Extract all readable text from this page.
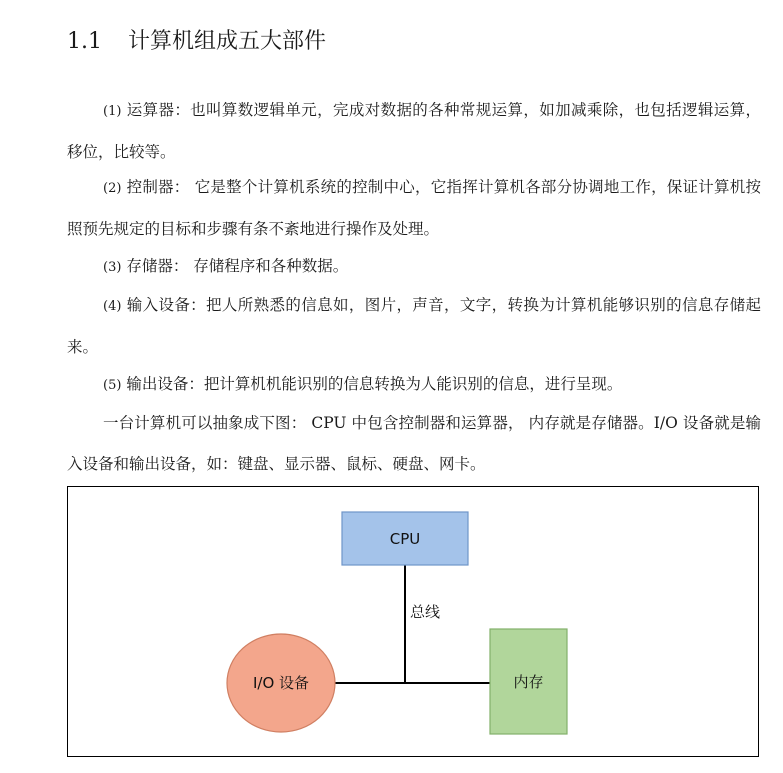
1.1 计算机组成五大部件

(1) 运算器：也叫算数逻辑单元，完成对数据的各种常规运算，如加减乘除，也包括逻辑运算，移位，比较等。

(2) 控制器： 它是整个计算机系统的控制中心，它指挥计算机各部分协调地工作，保证计算机按照预先规定的目标和步骤有条不紊地进行操作及处理。

(3) 存储器： 存储程序和各种数据。

(4) 输入设备：把人所熟悉的信息如，图片，声音，文字，转换为计算机能够识别的信息存储起来。

(5) 输出设备：把计算机机能识别的信息转换为人能识别的信息，进行呈现。

一台计算机可以抽象成下图： CPU 中包含控制器和运算器， 内存就是存储器。I/O 设备就是输入设备和输出设备，如：键盘、显示器、鼠标、硬盘、网卡。

CPU
总线
I/O 设备	内存
